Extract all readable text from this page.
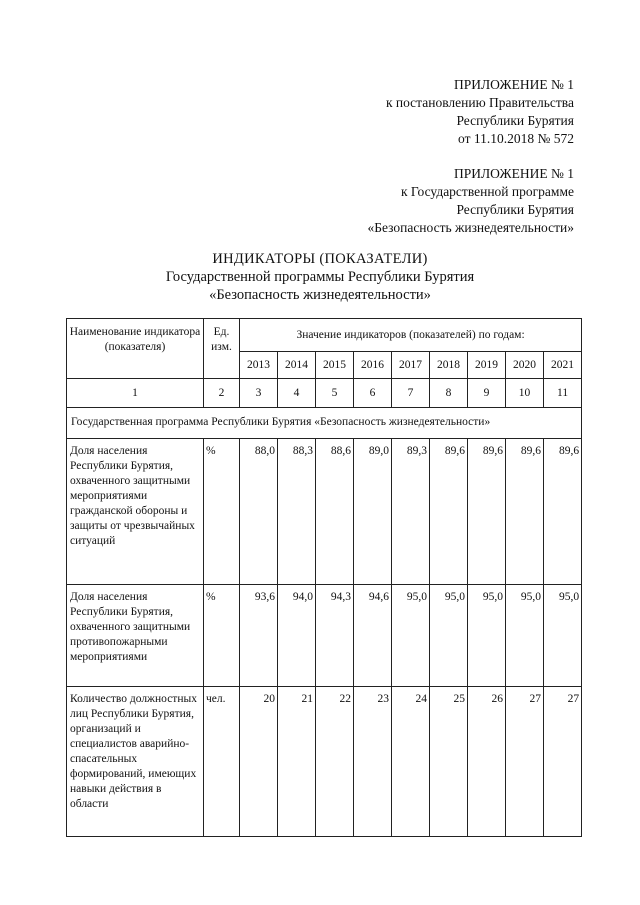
ПРИЛОЖЕНИЕ № 1
к постановлению Правительства
Республики Бурятия
от 11.10.2018 № 572
ПРИЛОЖЕНИЕ № 1
к Государственной программе
Республики Бурятия
«Безопасность жизнедеятельности»
ИНДИКАТОРЫ (ПОКАЗАТЕЛИ)
Государственной программы Республики Бурятия
«Безопасность жизнедеятельности»
Наименование индикатора (показателя)	Ед. изм.	Значение индикаторов (показателей) по годам:								
		2013	2014	2015	2016	2017	2018	2019	2020	2021
1	2	3	4	5	6	7	8	9	10	11
Государственная программа Республики Бурятия «Безопасность жизнедеятельности»										
Доля населения Республики Бурятия, охваченного защитными мероприятиями гражданской обороны и защиты от чрезвычайных ситуаций	%	88,0	88,3	88,6	89,0	89,3	89,6	89,6	89,6	89,6
Доля населения Республики Бурятия, охваченного защитными противопожарными мероприятиями	%	93,6	94,0	94,3	94,6	95,0	95,0	95,0	95,0	95,0
Количество должностных лиц Республики Бурятия, организаций и специалистов аварийно-спасательных формирований, имеющих навыки действия в области	чел.	20	21	22	23	24	25	26	27	27
